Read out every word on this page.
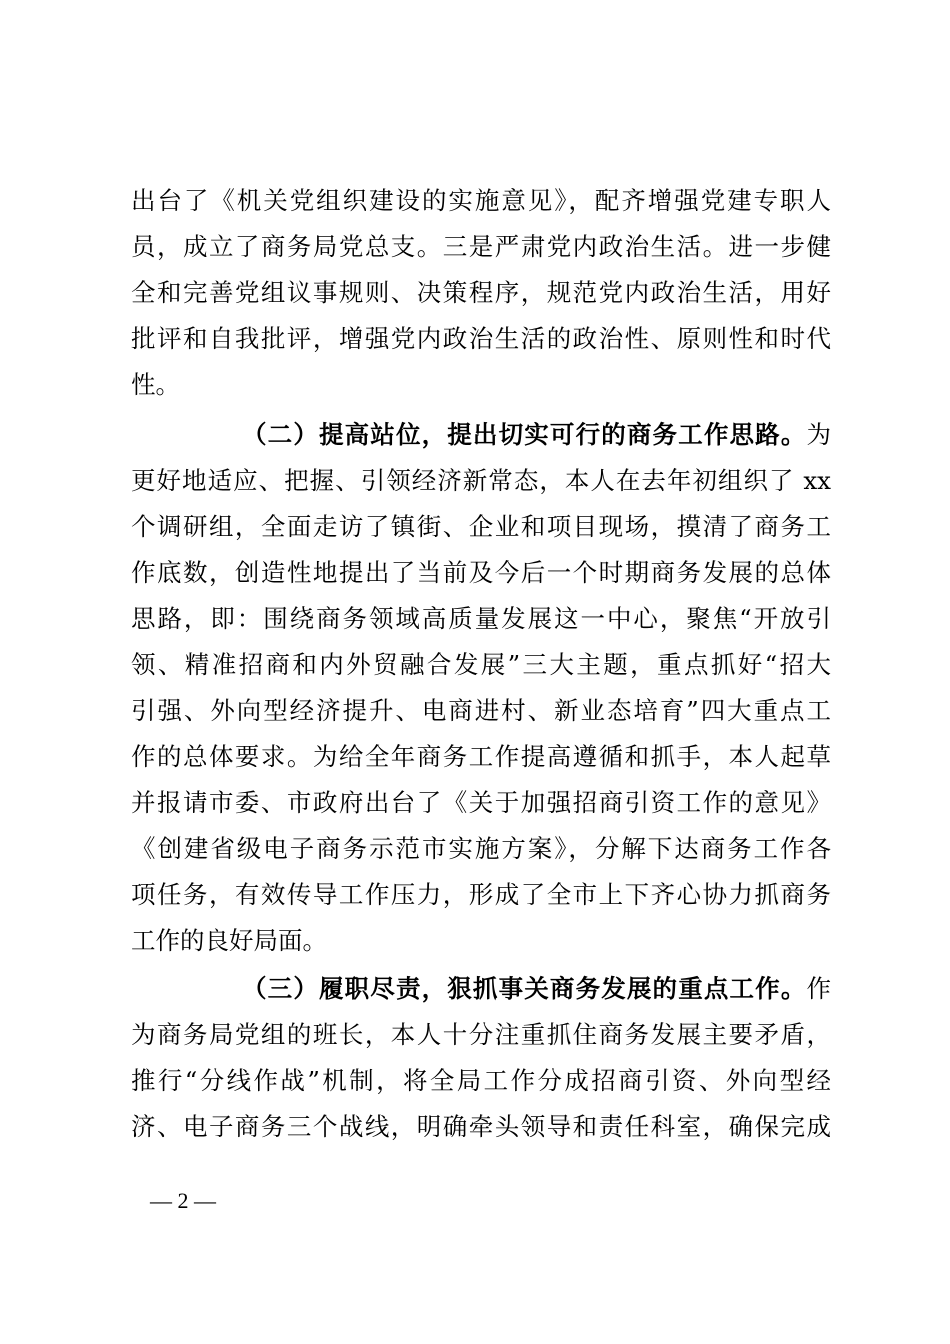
出台了《机关党组织建设的实施意见》，配齐增强党建专职人
员，成立了商务局党总支。三是严肃党内政治生活。进一步健
全和完善党组议事规则、决策程序，规范党内政治生活，用好
批评和自我批评，增强党内政治生活的政治性、原则性和时代
性。
（二）提高站位，提出切实可行的商务工作思路。为
更好地适应、把握、引领经济新常态，本人在去年初组织了 xx
个调研组，全面走访了镇街、企业和项目现场，摸清了商务工
作底数，创造性地提出了当前及今后一个时期商务发展的总体
思路，即：围绕商务领域高质量发展这一中心，聚焦“开放引
领、精准招商和内外贸融合发展”三大主题，重点抓好“招大
引强、外向型经济提升、电商进村、新业态培育”四大重点工
作的总体要求。为给全年商务工作提高遵循和抓手，本人起草
并报请市委、市政府出台了《关于加强招商引资工作的意见》
《创建省级电子商务示范市实施方案》，分解下达商务工作各
项任务，有效传导工作压力，形成了全市上下齐心协力抓商务
工作的良好局面。
（三）履职尽责，狠抓事关商务发展的重点工作。作
为商务局党组的班长，本人十分注重抓住商务发展主要矛盾，
推行“分线作战”机制，将全局工作分成招商引资、外向型经
济、电子商务三个战线，明确牵头领导和责任科室，确保完成
— 2 —
